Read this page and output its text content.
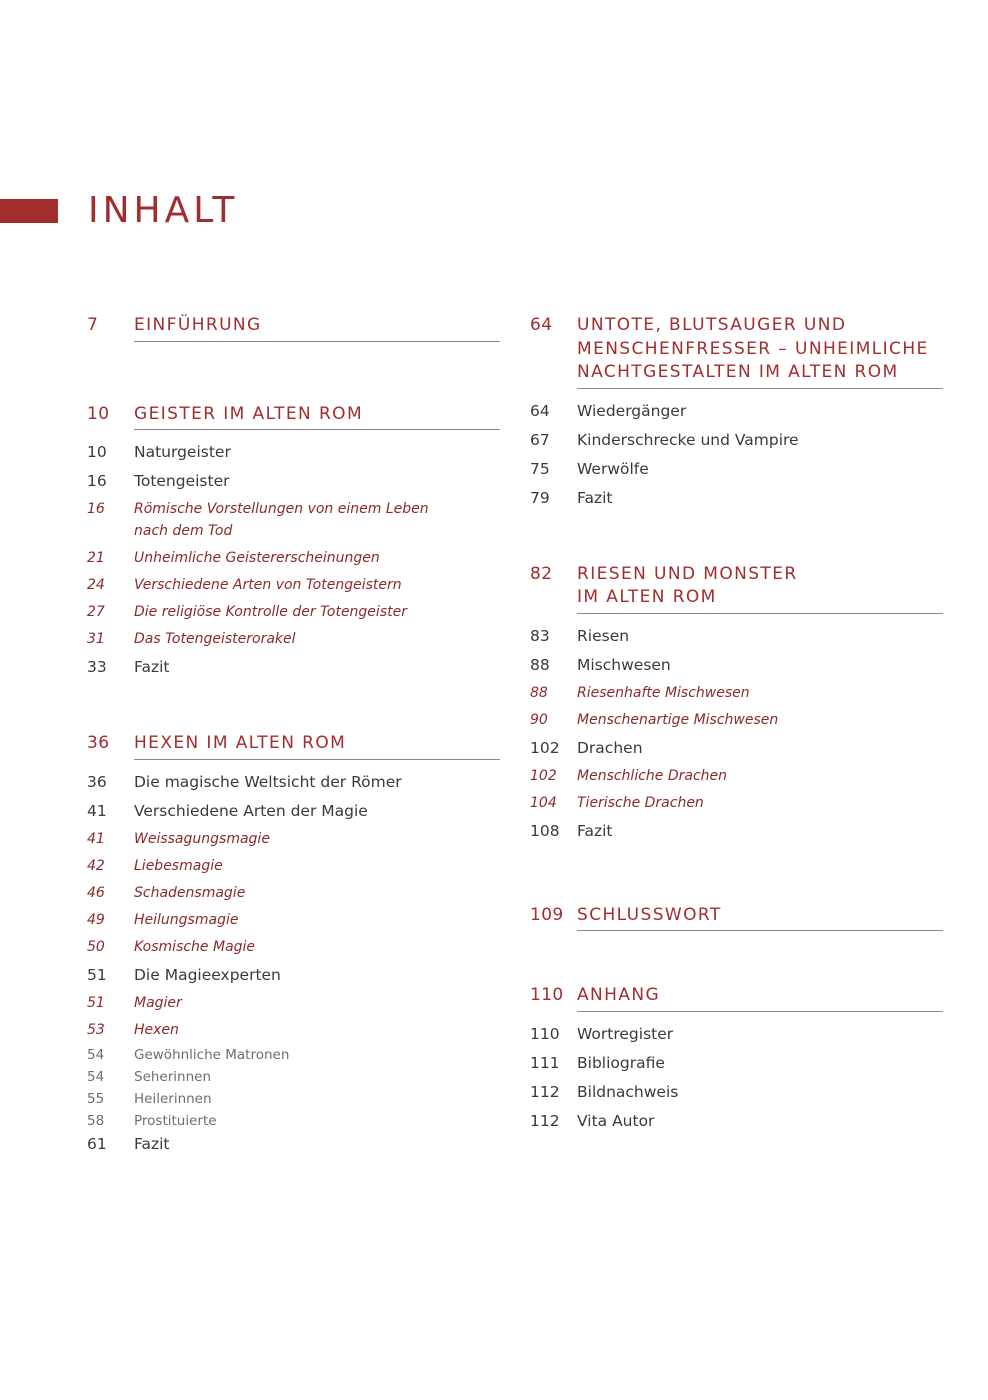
INHALT
7	EINFÜHRUNG
10	GEISTER IM ALTEN ROM
10	Naturgeister
16	Totengeister
16	Römische Vorstellungen von einem Leben
nach dem Tod
21	Unheimliche Geistererscheinungen
24	Verschiedene Arten von Totengeistern
27	Die religiöse Kontrolle der Totengeister
31	Das Totengeisterorakel
33	Fazit
36	HEXEN IM ALTEN ROM
36	Die magische Weltsicht der Römer
41	Verschiedene Arten der Magie
41	Weissagungsmagie
42	Liebesmagie
46	Schadensmagie
49	Heilungsmagie
50	Kosmische Magie
51	Die Magieexperten
51	Magier
53	Hexen
54	Gewöhnliche Matronen
54	Seherinnen
55	Heilerinnen
58	Prostituierte
61	Fazit
64	UNTOTE, BLUTSAUGER UND
MENSCHENFRESSER – UNHEIMLICHE
NACHTGESTALTEN IM ALTEN ROM
64	Wiedergänger
67	Kinderschrecke und Vampire
75	Werwölfe
79	Fazit
82	RIESEN UND MONSTER
IM ALTEN ROM
83	Riesen
88	Mischwesen
88	Riesenhafte Mischwesen
90	Menschenartige Mischwesen
102	Drachen
102	Menschliche Drachen
104	Tierische Drachen
108	Fazit
109 SCHLUSSWORT
110 ANHANG
110	Wortregister
111	Bibliografie
112	Bildnachweis
112	Vita Autor
